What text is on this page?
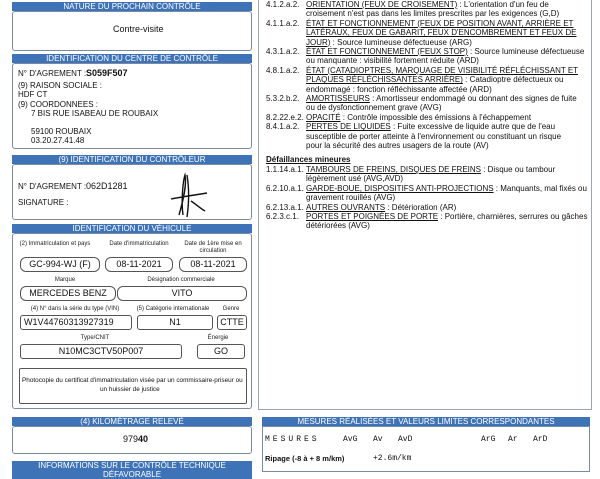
NATURE DU PROCHAIN CONTRÔLE
Contre-visite
IDENTIFICATION DU CENTRE DE CONTRÔLE
N° D'AGREMENT : S059F507
(9) RAISON SOCIALE :
HDF CT
(9) COORDONNEES :
7 BIS RUE ISABEAU DE ROUBAIX
59100 ROUBAIX
03.20.27.41.48
(9) IDENTIFICATION DU CONTRÔLEUR
N° D'AGREMENT : 062D1281
SIGNATURE :
IDENTIFICATION DU VÉHICULE
(2) Immatriculation et pays	Date d'immatriculation	Date de 1ère mise en circulation
GC-994-WJ (F)	08-11-2021	08-11-2021
Marque	Désignation commerciale
MERCEDES BENZ	VITO
(4) N° dans la série du type (VIN)	(5) Catégorie internationale	Genre
W1V44760313927319	N1	CTTE
Type/CNIT	Énergie
N10MC3CTV50P007	GO
Photocopie du certificat d'immatriculation visée par un commissaire-priseur ou
un huissier de justice
(4) KILOMÉTRAGE RELEVÉ
97940
INFORMATIONS SUR LE CONTRÔLE TECHNIQUE DÉFAVORABLE
4.1.2.a.2. ORIENTATION (FEUX DE CROISEMENT) : L'orientation d'un feu de
croisement n'est pas dans les limites prescrites par les exigences (G,D)
4.1.1.a.2. ÉTAT ET FONCTIONNEMENT (FEUX DE POSITION AVANT, ARRIÈRE ET
LATÉRAUX, FEUX DE GABARIT, FEUX D'ENCOMBREMENT ET FEUX DE
JOUR) : Source lumineuse défectueuse (ARG)
4.3.1.a.2. ÉTAT ET FONCTIONNEMENT (FEUX STOP) : Source lumineuse défectueuse
ou manquante : visibilité fortement réduite (ARD)
4.8.1.a.2. ÉTAT (CATADIOPTRES, MARQUAGE DE VISIBILITÉ RÉFLÉCHISSANT ET
PLAQUES RÉFLÉCHISSANTES ARRIÈRE) : Catadioptre défectueux ou
endommagé : fonction réfléchissante affectée (ARD)
5.3.2.b.2. AMORTISSEURS : Amortisseur endommagé ou donnant des signes de fuite
ou de dysfonctionnement grave (AVG)
8.2.22.e.2. OPACITÉ : Contrôle impossible des émissions à l'échappement
8.4.1.a.2. PERTES DE LIQUIDES : Fuite excessive de liquide autre que de l'eau
susceptible de porter atteinte à l'environnement ou constituant un risque
pour la sécurité des autres usagers de la route (AV)
Défaillances mineures
1.1.14.a.1. TAMBOURS DE FREINS, DISQUES DE FREINS : Disque ou tambour
légèrement usé (AVG,AVD)
6.2.10.a.1. GARDE-BOUE, DISPOSITIFS ANTI-PROJECTIONS : Manquants, mal fixés ou
gravement rouillés (AVG)
6.2.13.a.1. AUTRES OUVRANTS : Détérioration (AR)
6.2.3.c.1. PORTES ET POIGNÉES DE PORTE : Portière, charnières, serrures ou gâches
détériorées (AVG)
MESURES RÉALISÉES ET VALEURS LIMITES CORRESPONDANTES
MESURES	AvG Av AvD	ArG Ar ArD
Ripage (-8 à + 8 m/km)	+2.6m/km
